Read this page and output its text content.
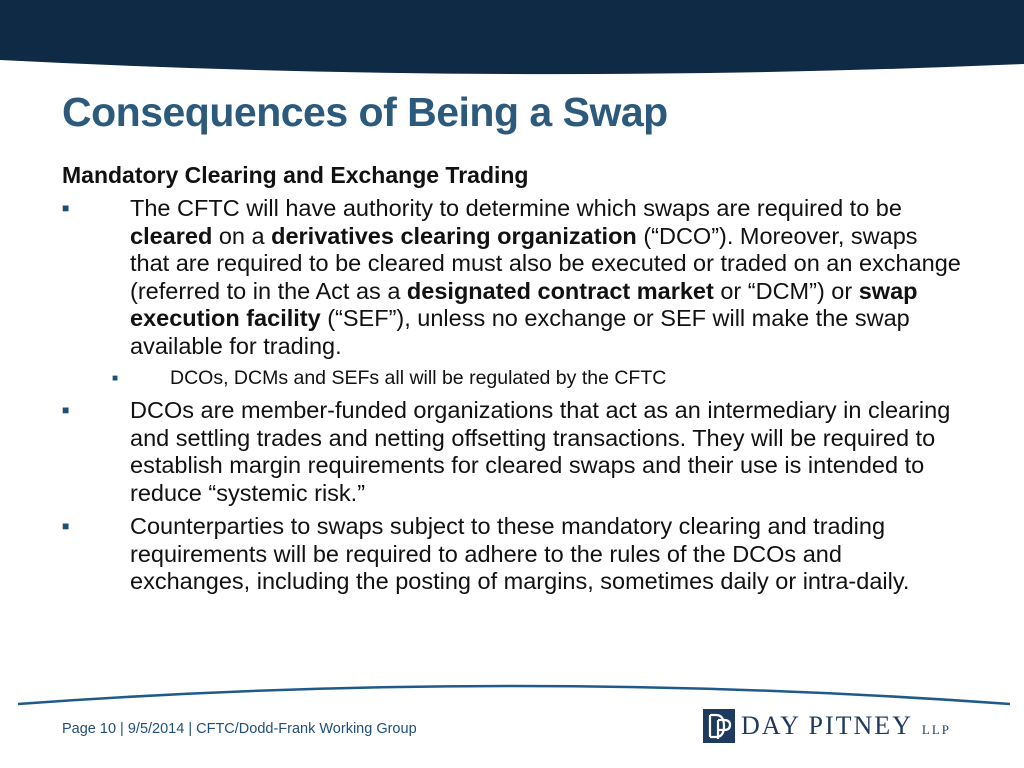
Consequences of Being a Swap
Mandatory Clearing and Exchange Trading
■	The CFTC will have authority to determine which swaps are required to be cleared on a derivatives clearing organization (“DCO”). Moreover, swaps that are required to be cleared must also be executed or traded on an exchange (referred to in the Act as a designated contract market or “DCM”) or swap execution facility (“SEF”), unless no exchange or SEF will make the swap available for trading.
■	DCOs, DCMs and SEFs all will be regulated by the CFTC
■	DCOs are member-funded organizations that act as an intermediary in clearing and settling trades and netting offsetting transactions. They will be required to establish margin requirements for cleared swaps and their use is intended to reduce “systemic risk.”
■	Counterparties to swaps subject to these mandatory clearing and trading requirements will be required to adhere to the rules of the DCOs and exchanges, including the posting of margins, sometimes daily or intra-daily.
Page 10 | 9/5/2014 | CFTC/Dodd-Frank Working Group	DAY PITNEY LLP
